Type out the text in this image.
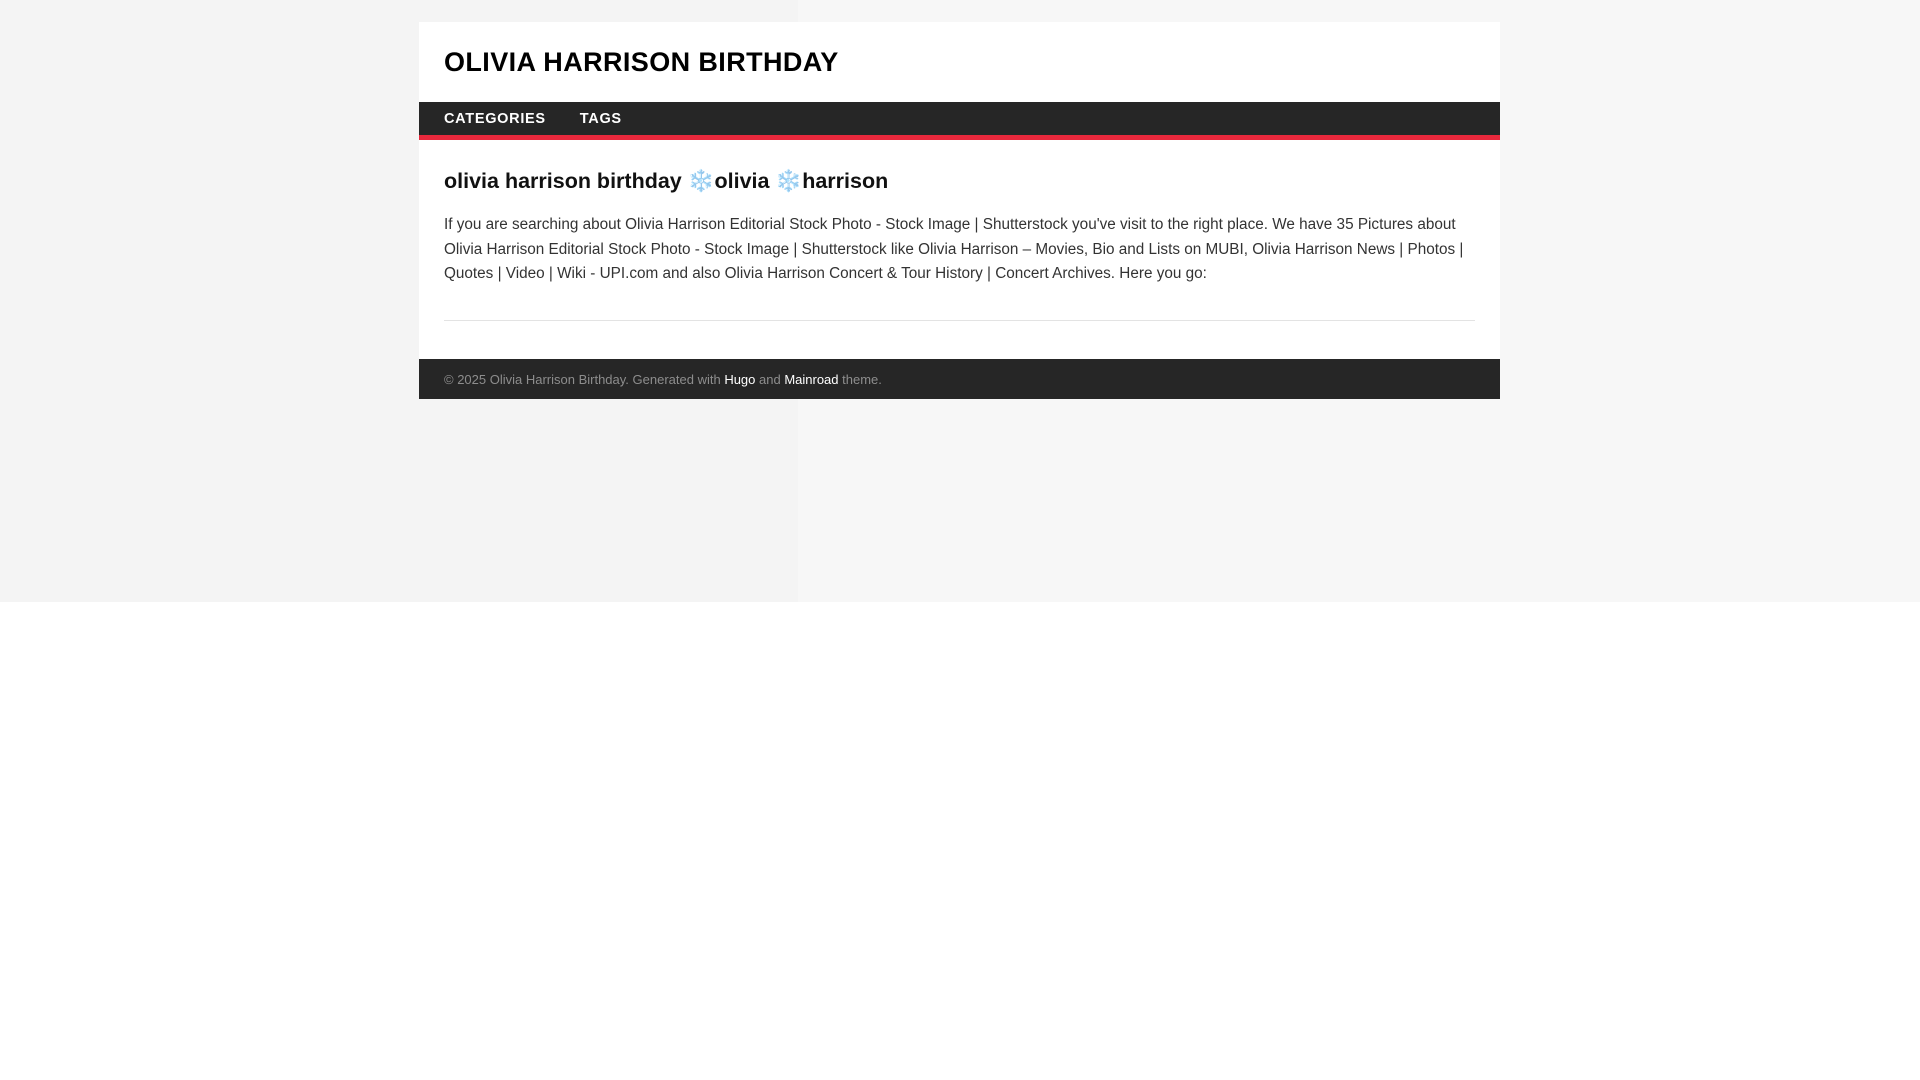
OLIVIA HARRISON BIRTHDAY
CATEGORIES	TAGS
olivia harrison birthday ❄️olivia️ ❄️harrison️

If you are searching about Olivia Harrison Editorial Stock Photo - Stock Image | Shutterstock you've visit to the right place. We have 35 Pictures about Olivia Harrison Editorial Stock Photo - Stock Image | Shutterstock like Olivia Harrison – Movies, Bio and Lists on MUBI, Olivia Harrison News | Photos | Quotes | Video | Wiki - UPI.com and also Olivia Harrison Concert & Tour History | Concert Archives. Here you go:

© 2025 Olivia Harrison Birthday. Generated with Hugo and Mainroad theme.
